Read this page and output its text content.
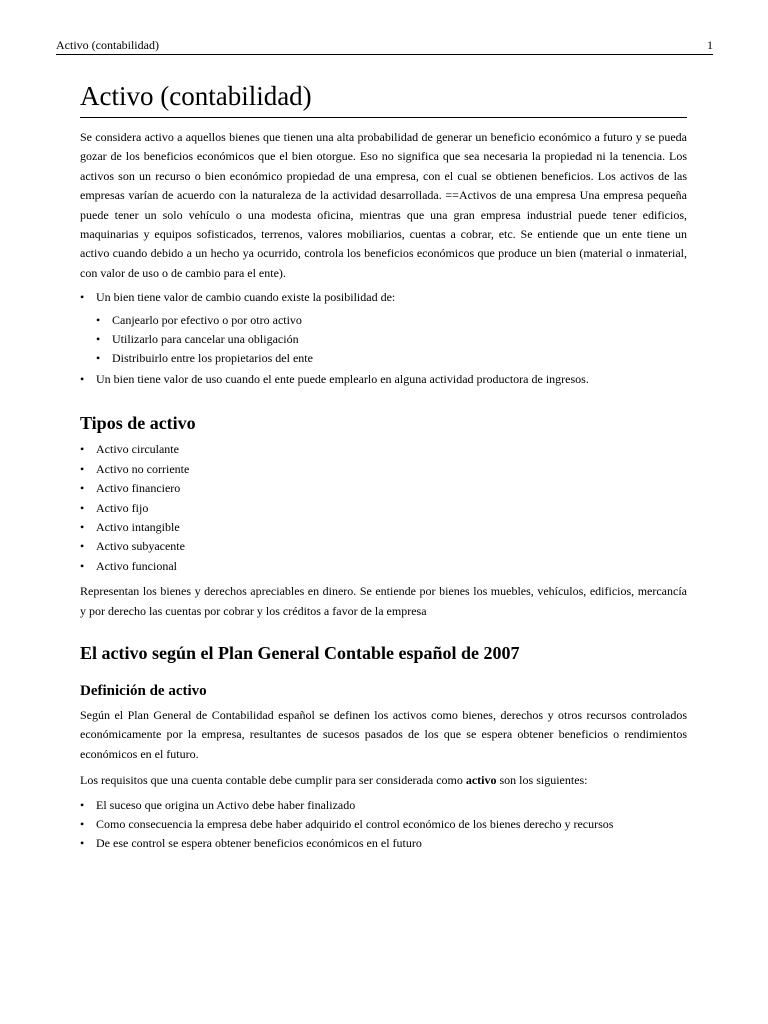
Activo (contabilidad)	1
Activo (contabilidad)

Se considera activo a aquellos bienes que tienen una alta probabilidad de generar un beneficio económico a futuro y se pueda gozar de los beneficios económicos que el bien otorgue. Eso no significa que sea necesaria la propiedad ni la tenencia. Los activos son un recurso o bien económico propiedad de una empresa, con el cual se obtienen beneficios. Los activos de las empresas varían de acuerdo con la naturaleza de la actividad desarrollada. ==Activos de una empresa Una empresa pequeña puede tener un solo vehículo o una modesta oficina, mientras que una gran empresa industrial puede tener edificios, maquinarias y equipos sofisticados, terrenos, valores mobiliarios, cuentas a cobrar, etc. Se entiende que un ente tiene un activo cuando debido a un hecho ya ocurrido, controla los beneficios económicos que produce un bien (material o inmaterial, con valor de uso o de cambio para el ente).

• Un bien tiene valor de cambio cuando existe la posibilidad de:
• Canjearlo por efectivo o por otro activo
• Utilizarlo para cancelar una obligación
• Distribuirlo entre los propietarios del ente
• Un bien tiene valor de uso cuando el ente puede emplearlo en alguna actividad productora de ingresos.
Tipos de activo
• Activo circulante
• Activo no corriente
• Activo financiero
• Activo fijo
• Activo intangible
• Activo subyacente
• Activo funcional

Representan los bienes y derechos apreciables en dinero. Se entiende por bienes los muebles, vehículos, edificios, mercancía y por derecho las cuentas por cobrar y los créditos a favor de la empresa

El activo según el Plan General Contable español de 2007
Definición de activo

Según el Plan General de Contabilidad español se definen los activos como bienes, derechos y otros recursos controlados económicamente por la empresa, resultantes de sucesos pasados de los que se espera obtener beneficios o rendimientos económicos en el futuro.

Los requisitos que una cuenta contable debe cumplir para ser considerada como activo son los siguientes:

• El suceso que origina un Activo debe haber finalizado
• Como consecuencia la empresa debe haber adquirido el control económico de los bienes derecho y recursos
• De ese control se espera obtener beneficios económicos en el futuro
